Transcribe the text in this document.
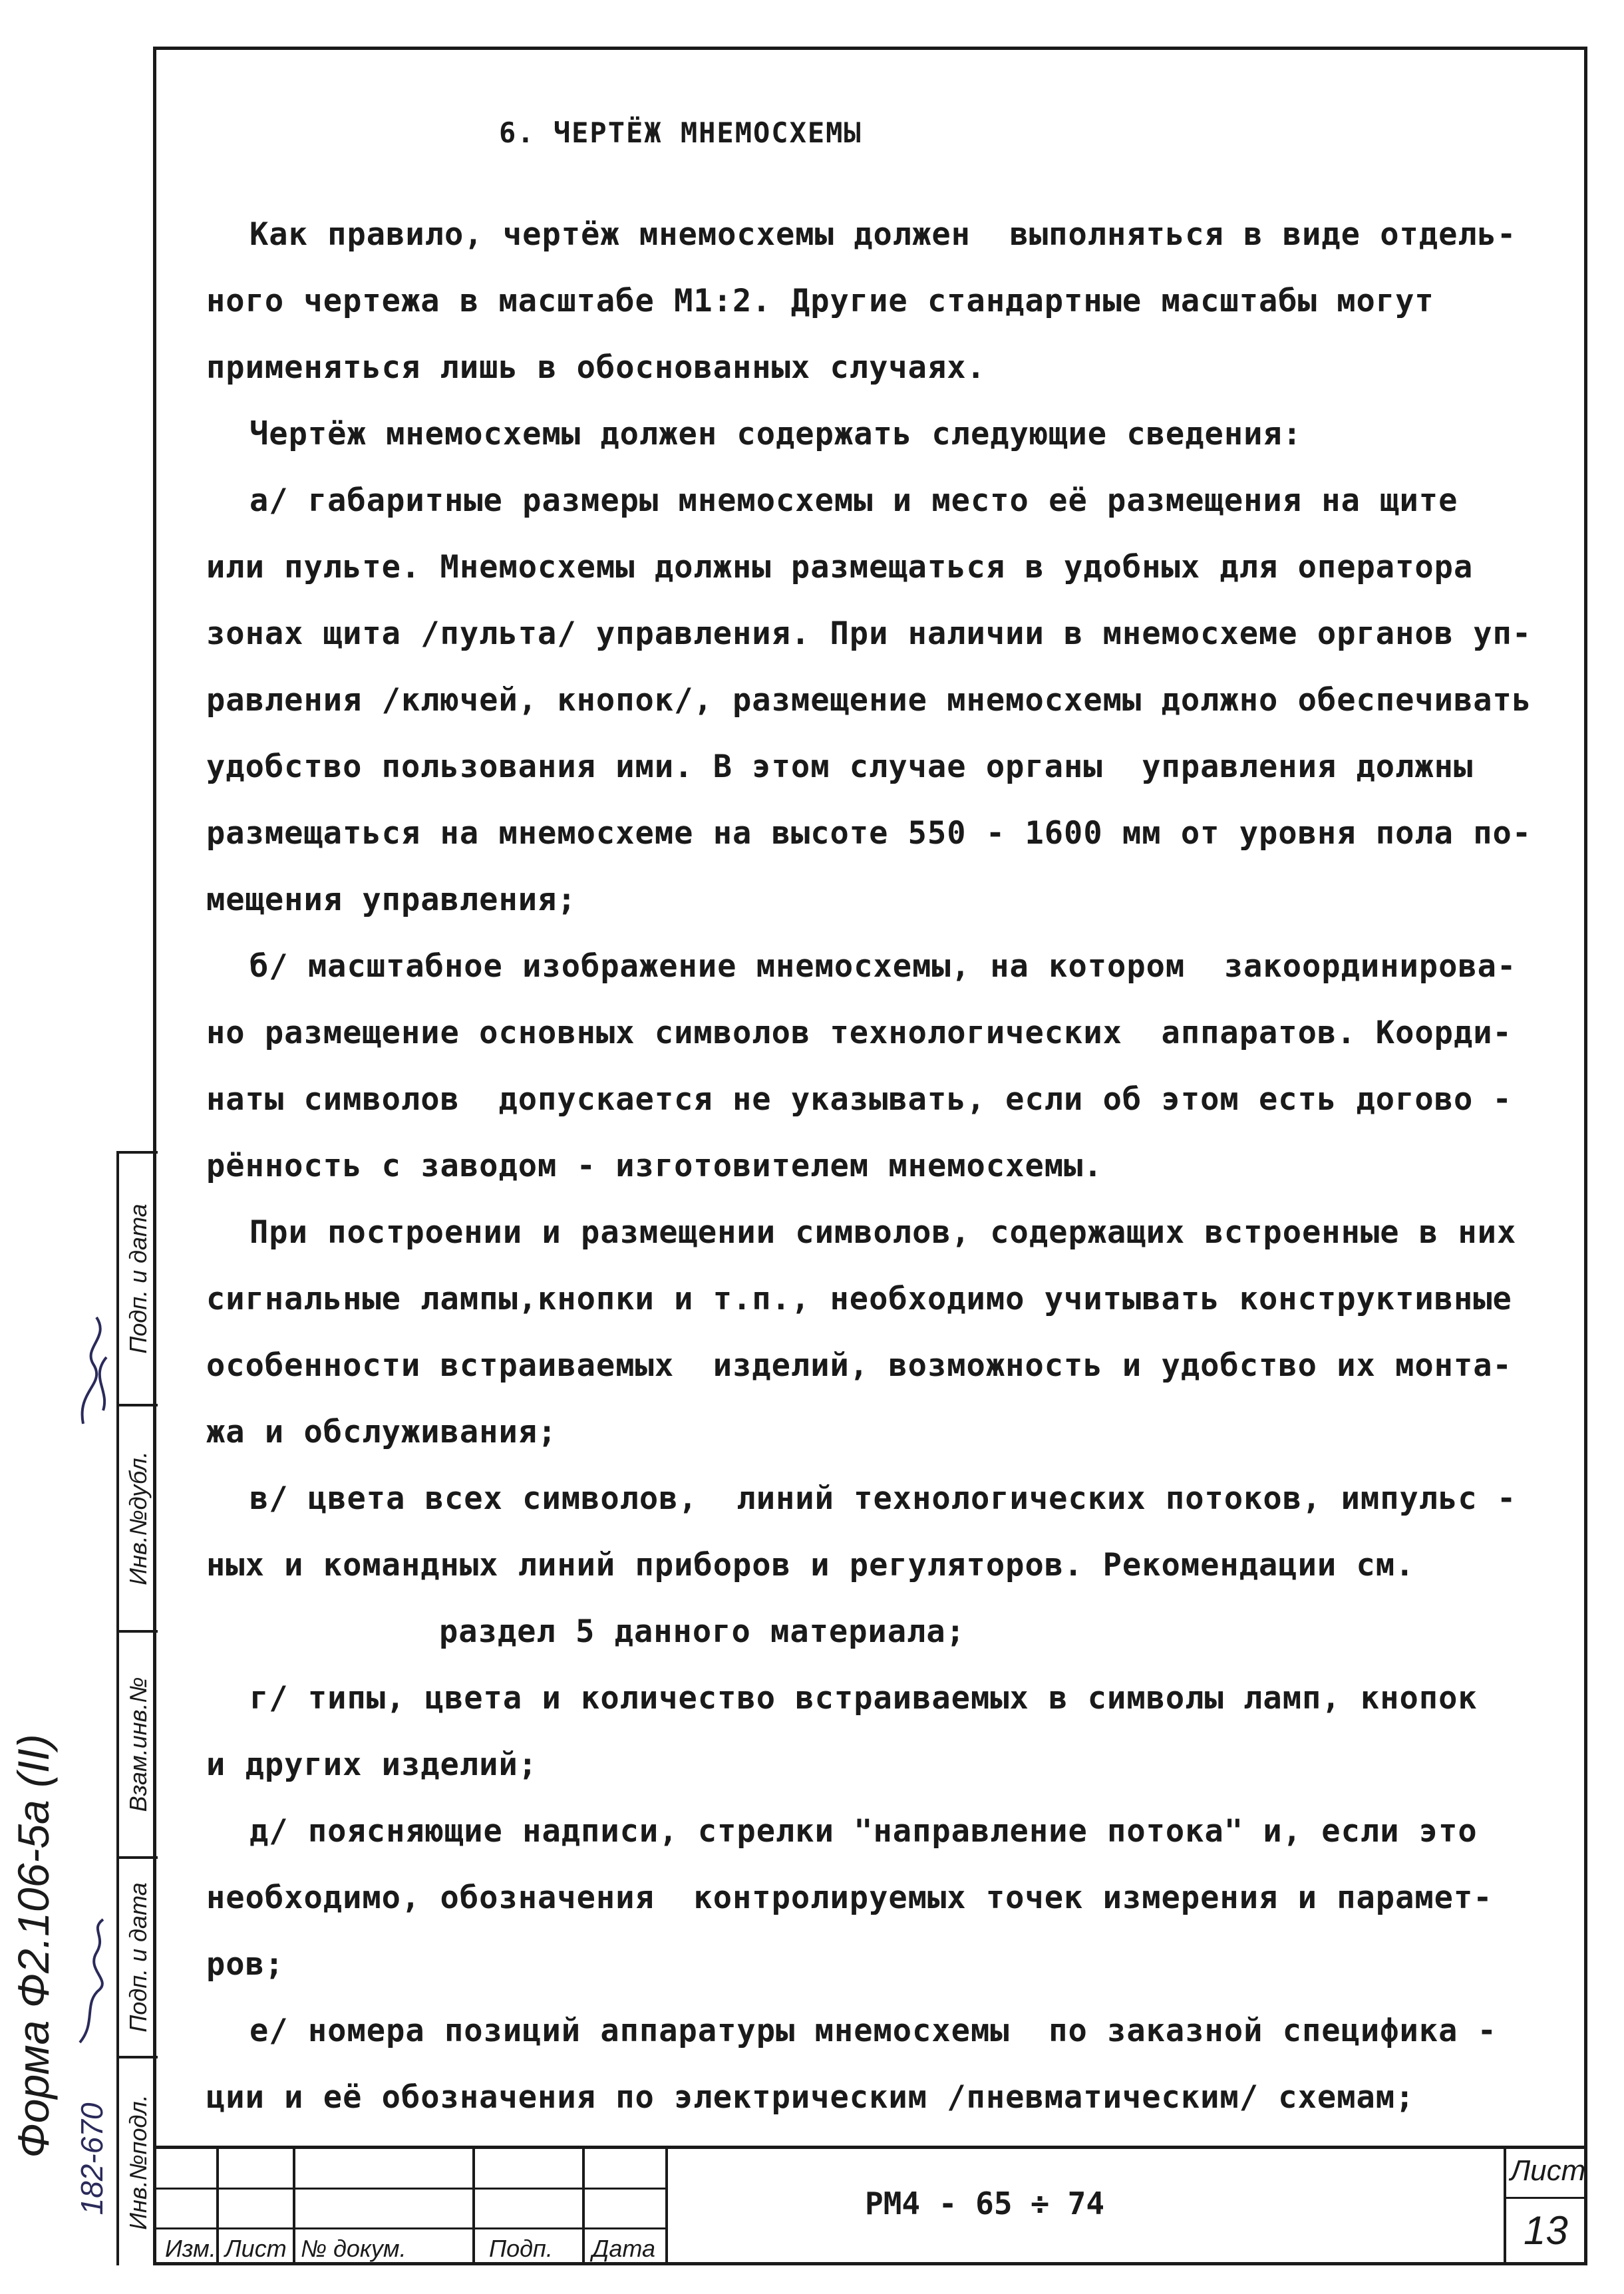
6. ЧЕРТЁЖ МНЕМОСХЕМЫ
Как правило, чертёж мнемосхемы должен  выполняться в виде отдель-
ного чертежа в масштабе М1:2. Другие стандартные масштабы могут
применяться лишь в обоснованных случаях.
Чертёж мнемосхемы должен содержать следующие сведения:
а/ габаритные размеры мнемосхемы и место её размещения на щите
или пульте. Мнемосхемы должны размещаться в удобных для оператора
зонах щита /пульта/ управления. При наличии в мнемосхеме органов уп-
равления /ключей, кнопок/, размещение мнемосхемы должно обеспечивать
удобство пользования ими. В этом случае органы  управления должны
размещаться на мнемосхеме на высоте 550 - 1600 мм от уровня пола по-
мещения управления;
б/ масштабное изображение мнемосхемы, на котором  закоординирова-
но размещение основных символов технологических  аппаратов. Коорди-
наты символов  допускается не указывать, если об этом есть догово -
рённость с заводом - изготовителем мнемосхемы.
При построении и размещении символов, содержащих встроенные в них
сигнальные лампы,кнопки и т.п., необходимо учитывать конструктивные
особенности встраиваемых  изделий, возможность и удобство их монта-
жа и обслуживания;
в/ цвета всех символов,  линий технологических потоков, импульс -
ных и командных линий приборов и регуляторов. Рекомендации см.
раздел 5 данного материала;
г/ типы, цвета и количество встраиваемых в символы ламп, кнопок
и других изделий;
д/ поясняющие надписи, стрелки "направление потока" и, если это
необходимо, обозначения  контролируемых точек измерения и парамет-
ров;
е/ номера позиций аппаратуры мнемосхемы  по заказной специфика -
ции и её обозначения по электрическим /пневматическим/ схемам;
Подп. и дата
Инв.№дубл.
Взам.инв.№
Подп. и дата
Инв.№подл.
182-670
Форма Ф2.106-5а (II)
Изм. Лист № докум.	Подп. Дата
РМ4 - 65 ÷ 74
Лист
13
